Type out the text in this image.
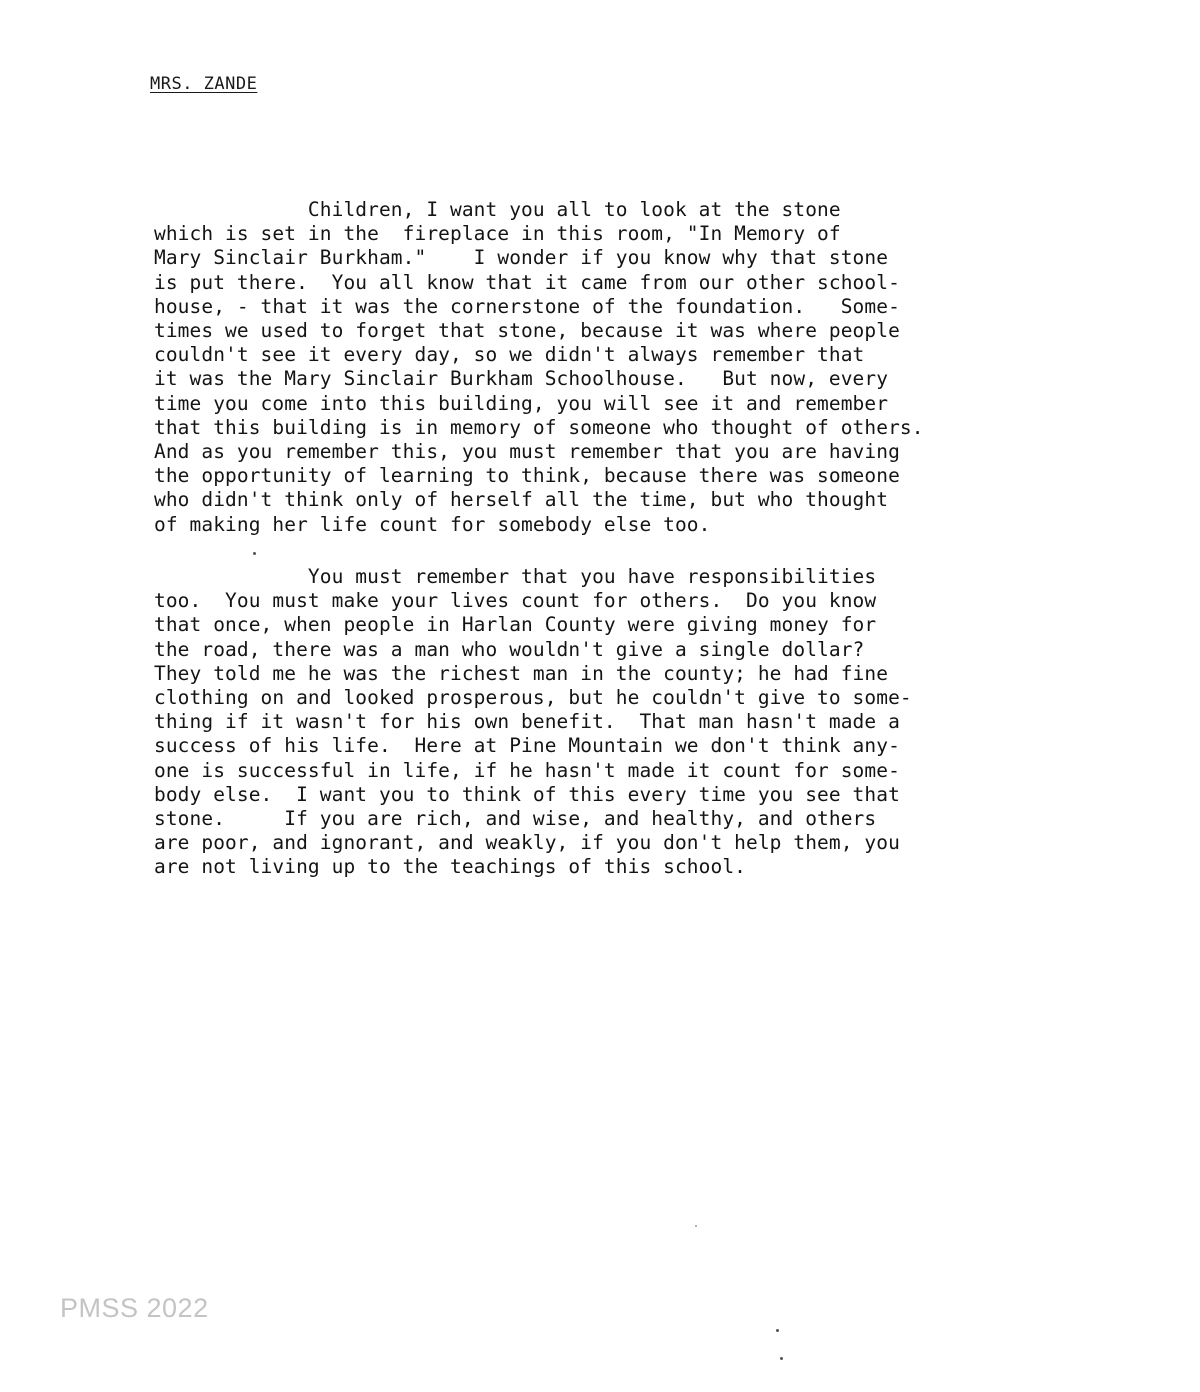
MRS. ZANDE
Children, I want you all to look at the stone
which is set in the  fireplace in this room, "In Memory of
Mary Sinclair Burkham."    I wonder if you know why that stone
is put there.  You all know that it came from our other school-
house, - that it was the cornerstone of the foundation.   Some-
times we used to forget that stone, because it was where people
couldn't see it every day, so we didn't always remember that
it was the Mary Sinclair Burkham Schoolhouse.   But now, every
time you come into this building, you will see it and remember
that this building is in memory of someone who thought of others.
And as you remember this, you must remember that you are having
the opportunity of learning to think, because there was someone
who didn't think only of herself all the time, but who thought
of making her life count for somebody else too.
You must remember that you have responsibilities
too.  You must make your lives count for others.  Do you know
that once, when people in Harlan County were giving money for
the road, there was a man who wouldn't give a single dollar?
They told me he was the richest man in the county; he had fine
clothing on and looked prosperous, but he couldn't give to some-
thing if it wasn't for his own benefit.  That man hasn't made a
success of his life.  Here at Pine Mountain we don't think any-
one is successful in life, if he hasn't made it count for some-
body else.  I want you to think of this every time you see that
stone.     If you are rich, and wise, and healthy, and others
are poor, and ignorant, and weakly, if you don't help them, you
are not living up to the teachings of this school.
PMSS 2022
